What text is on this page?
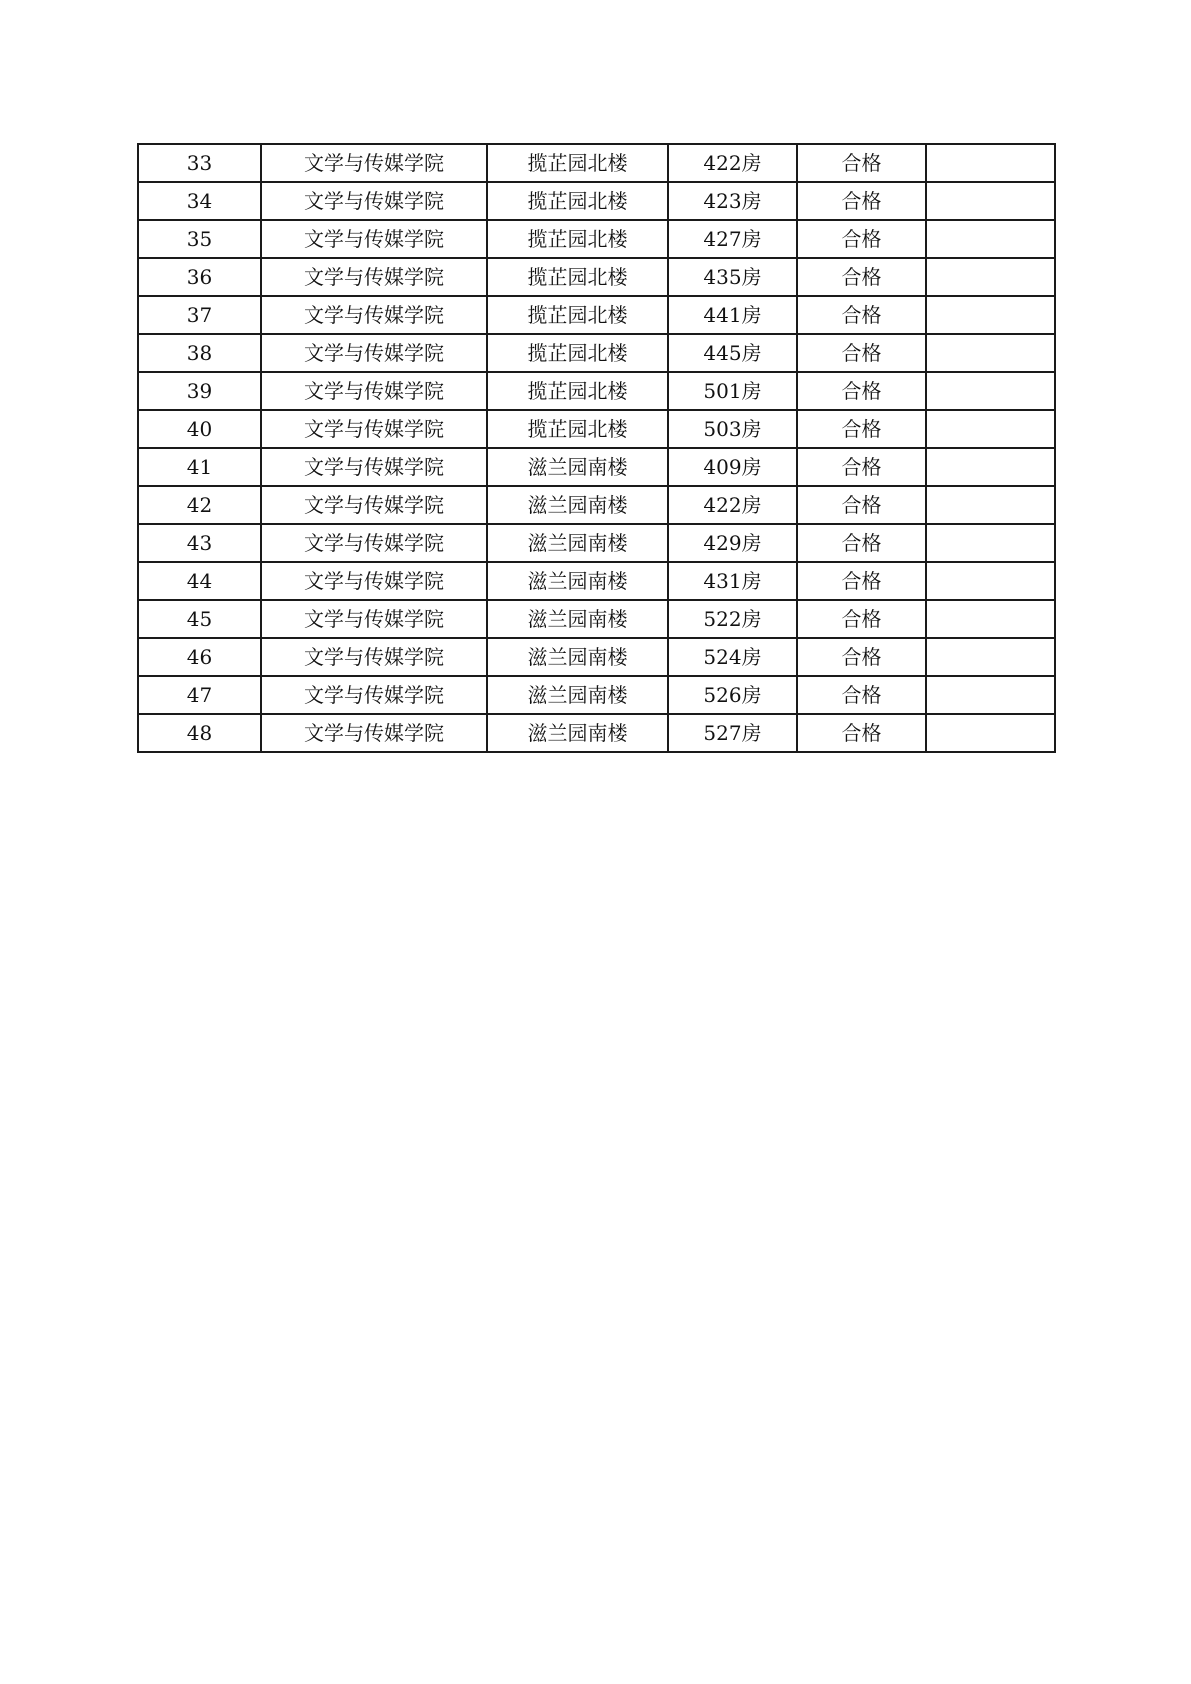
33	文学与传媒学院	揽芷园北楼	422房	合格	
34	文学与传媒学院	揽芷园北楼	423房	合格	
35	文学与传媒学院	揽芷园北楼	427房	合格	
36	文学与传媒学院	揽芷园北楼	435房	合格	
37	文学与传媒学院	揽芷园北楼	441房	合格	
38	文学与传媒学院	揽芷园北楼	445房	合格	
39	文学与传媒学院	揽芷园北楼	501房	合格	
40	文学与传媒学院	揽芷园北楼	503房	合格	
41	文学与传媒学院	滋兰园南楼	409房	合格	
42	文学与传媒学院	滋兰园南楼	422房	合格	
43	文学与传媒学院	滋兰园南楼	429房	合格	
44	文学与传媒学院	滋兰园南楼	431房	合格	
45	文学与传媒学院	滋兰园南楼	522房	合格	
46	文学与传媒学院	滋兰园南楼	524房	合格	
47	文学与传媒学院	滋兰园南楼	526房	合格	
48	文学与传媒学院	滋兰园南楼	527房	合格	
